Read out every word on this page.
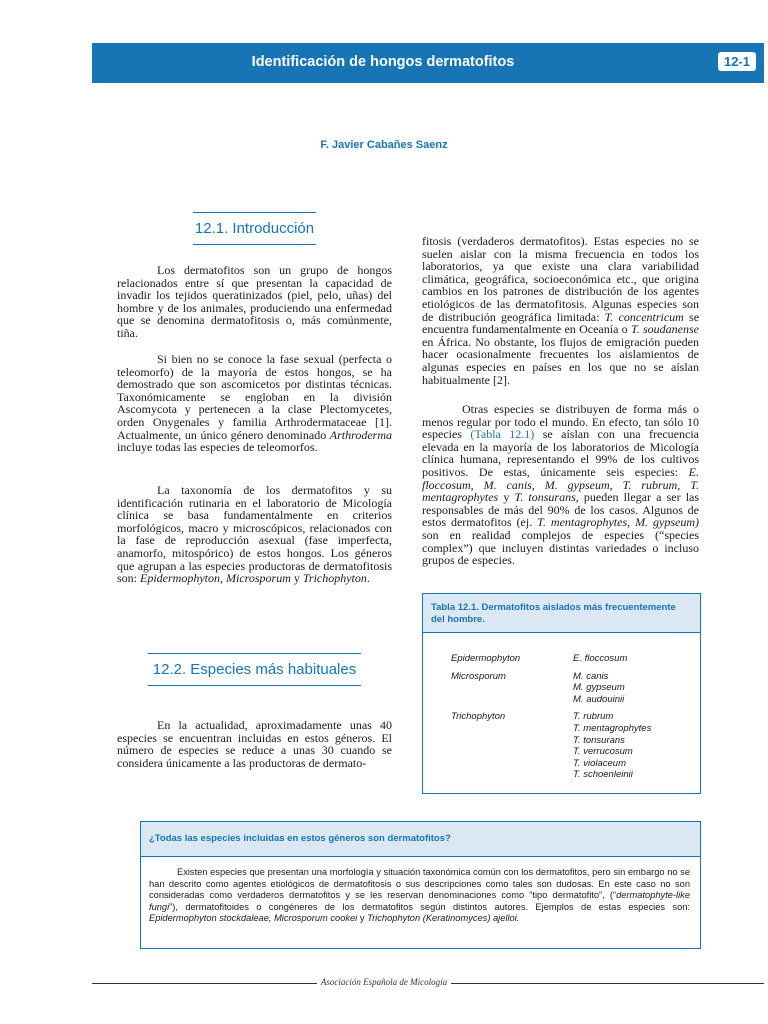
Identificación de hongos dermatofitos	12-1
F. Javier Cabañes Saenz
12.1. Introducción

Los dermatofitos son un grupo de hongos relacionados entre sí que presentan la capacidad de invadir los tejidos queratinizados (piel, pelo, uñas) del hombre y de los animales, produciendo una enfermedad que se denomina dermatofitosis o, más comúnmente, tiña.

Si bien no se conoce la fase sexual (perfecta o teleomorfo) de la mayoría de estos hongos, se ha demostrado que son ascomicetos por distintas técnicas. Taxonómicamente se engloban en la división Ascomycota y pertenecen a la clase Plectomycetes, orden Onygenales y familia Arthrodermataceae [1]. Actualmente, un único género denominado Arthroderma incluye todas las especies de teleomorfos.

La taxonomía de los dermatofitos y su identificación rutinaria en el laboratorio de Micología clínica se basa fundamentalmente en criterios morfológicos, macro y microscópicos, relacionados con la fase de reproducción asexual (fase imperfecta, anamorfo, mitospórico) de estos hongos. Los géneros que agrupan a las especies productoras de dermatofitosis son: Epidermophyton, Microsporum y Trichophyton.

12.2. Especies más habituales

En la actualidad, aproximadamente unas 40 especies se encuentran incluidas en estos géneros. El número de especies se reduce a unas 30 cuando se considera únicamente a las productoras de dermato-

fitosis (verdaderos dermatofitos). Estas especies no se suelen aislar con la misma frecuencia en todos los laboratorios, ya que existe una clara variabilidad climática, geográfica, socioeconómica etc., que origina cambios en los patrones de distribución de los agentes etiológicos de las dermatofitosis. Algunas especies son de distribución geográfica limitada: T. concentricum se encuentra fundamentalmente en Oceanía o T. soudanense en África. No obstante, los flujos de emigración pueden hacer ocasionalmente frecuentes los aislamientos de algunas especies en países en los que no se aíslan habitualmente [2].

Otras especies se distribuyen de forma más o menos regular por todo el mundo. En efecto, tan sólo 10 especies (Tabla 12.1) se aíslan con una frecuencia elevada en la mayoría de los laboratorios de Micología clínica humana, representando el 99% de los cultivos positivos. De estas, únicamente seis especies: E. floccosum, M. canis, M. gypseum, T. rubrum, T. mentagrophytes y T. tonsurans, pueden llegar a ser las responsables de más del 90% de los casos. Algunos de estos dermatofitos (ej. T. mentagrophytes, M. gypseum) son en realidad complejos de especies (“species complex”) que incluyen distintas variedades o incluso grupos de especies.

Tabla 12.1. Dermatofitos aislados más frecuentemente del hombre.
Epidermophyton	E. floccosum
Microsporum	M. canis
M. gypseum
M. audouinii
Trichophyton	T. rubrum
T. mentagrophytes
T. tonsurans
T. verrucosum
T. violaceum
T. schoenleinii
¿Todas las especies incluidas en estos géneros son dermatofitos?

Existen especies que presentan una morfología y situación taxonómica común con los dermatofitos, pero sin embargo no se han descrito como agentes etiológicos de dermatofitosis o sus descripciones como tales son dudosas. En este caso no son consideradas como verdaderos dermatofitos y se les reservan denominaciones como “tipo dermatofito”, (“dermatophyte-like fungi”), dermatofitoides o congéneres de los dermatofitos según distintos autores. Ejemplos de estas especies son: Epidermophyton stockdaleae, Microsporum cookei y Trichophyton (Keratinomyces) ajelloi.

Asociación Española de Micología
